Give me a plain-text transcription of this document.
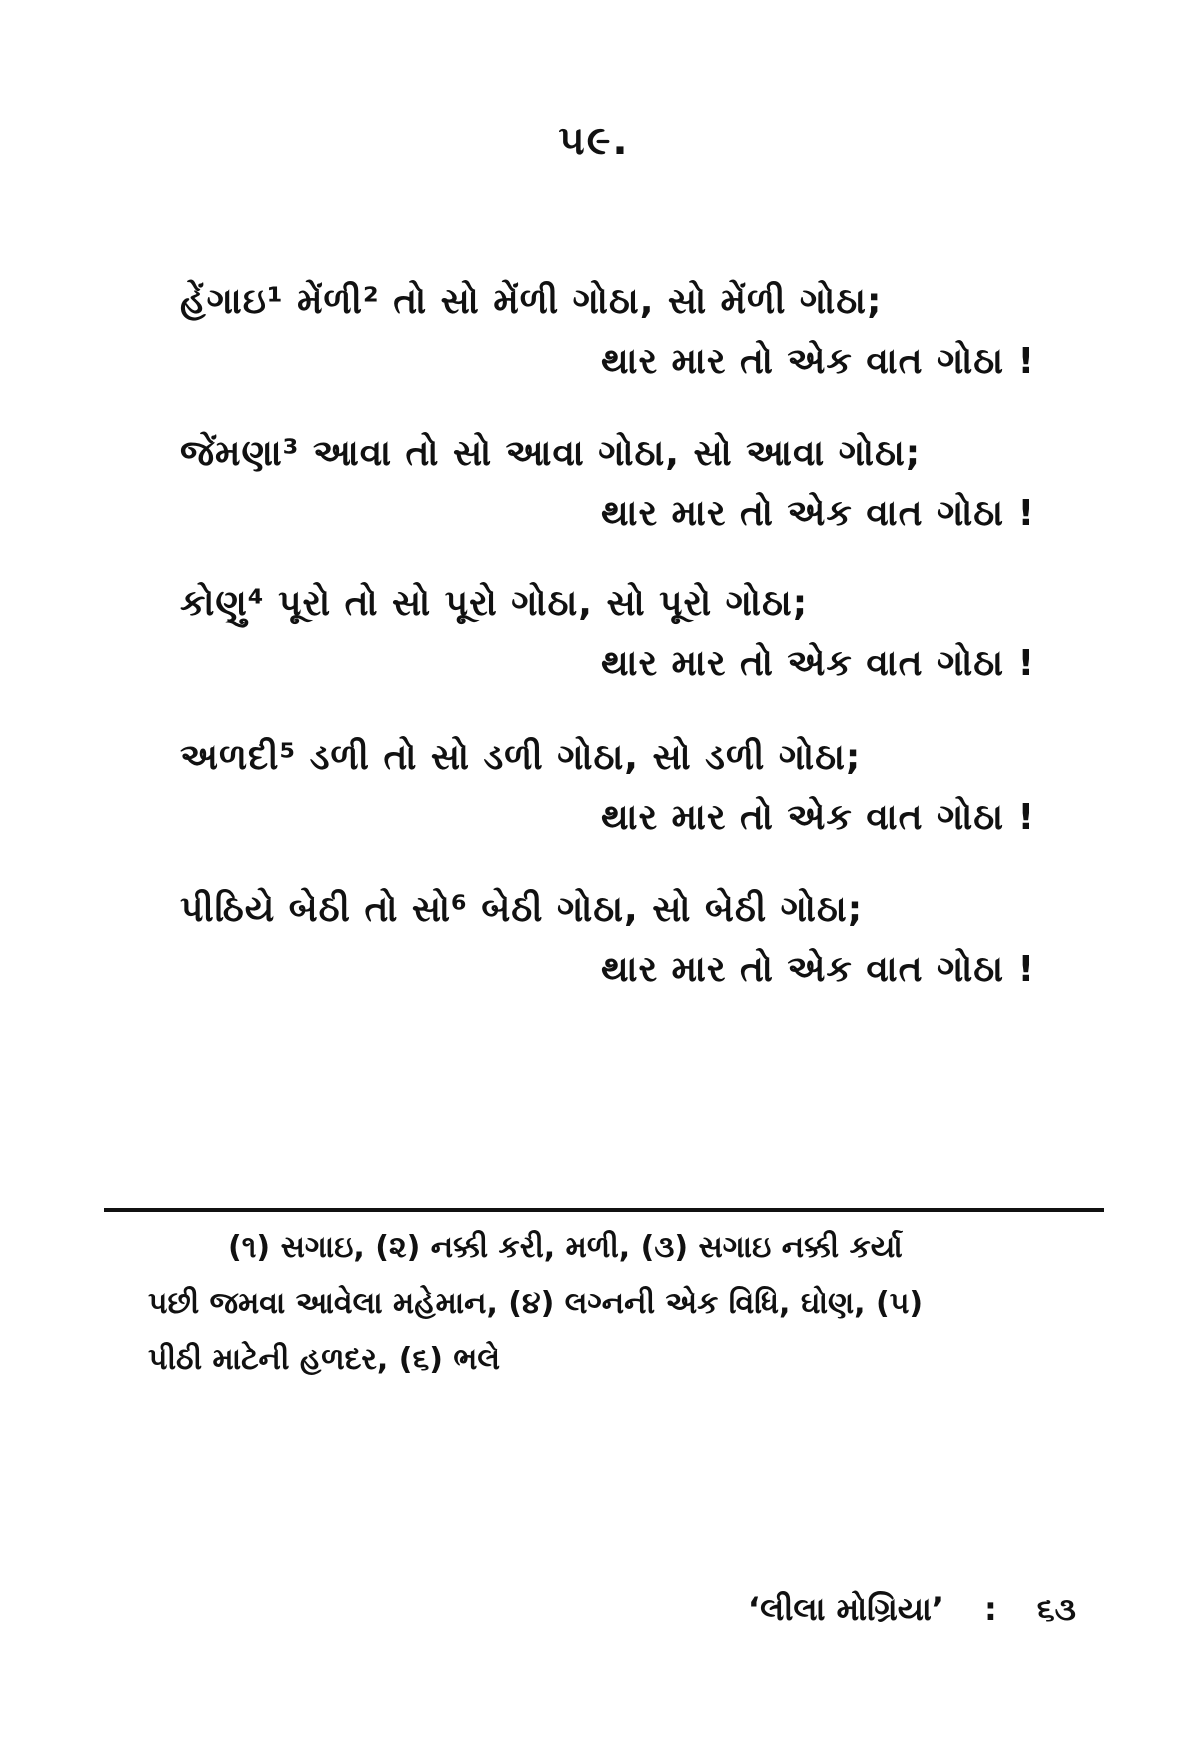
૫૯.
હેંગાઇ¹ મેંળી² તો સો મેંળી ગોઠા, સો મેંળી ગોઠા;
થાર માર તો એક વાત ગોઠા !
જેંમણા³ આવા તો સો આવા ગોઠા, સો આવા ગોઠા;
થાર માર તો એક વાત ગોઠા !
કોણુ⁴ પૂરો તો સો પૂરો ગોઠા, સો પૂરો ગોઠા;
થાર માર તો એક વાત ગોઠા !
અળદી⁵ ડળી તો સો ડળી ગોઠા, સો ડળી ગોઠા;
થાર માર તો એક વાત ગોઠા !
પીઠિયે બેઠી તો સો⁶ બેઠી ગોઠા, સો બેઠી ગોઠા;
થાર માર તો એક વાત ગોઠા !

(૧) સગાઇ, (૨) નક્કી કરી, મળી, (૩) સગાઇ નક્કી કર્યા

પછી જમવા આવેલા મહેમાન, (૪) લગ્નની એક વિધિ, ઘોણ, (૫)

પીઠી માટેની હળદર, (૬) ભલે

‘લીલા મોગ્રિયા’ : ૬૩
